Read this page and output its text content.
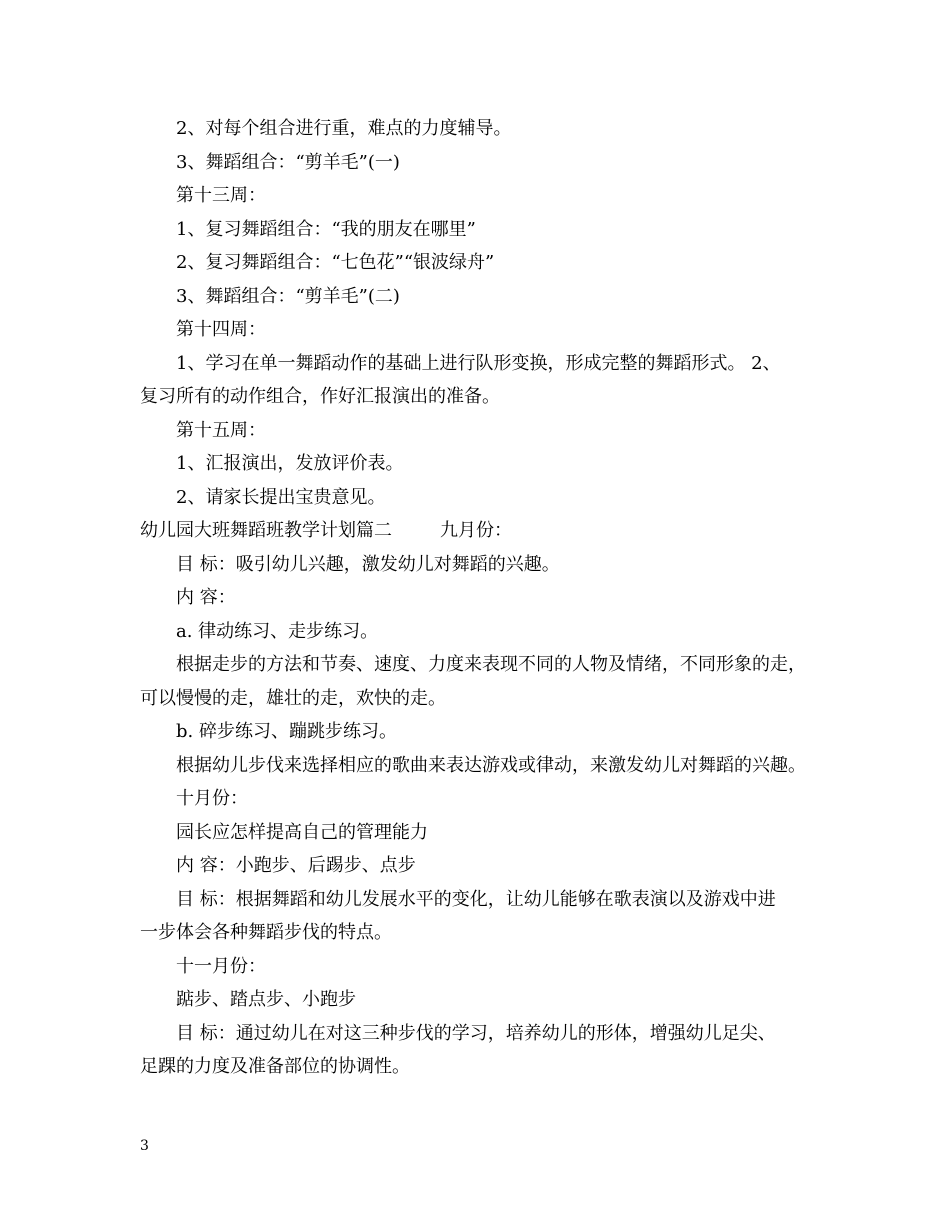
2、对每个组合进行重，难点的力度辅导。
3、舞蹈组合：“剪羊毛”(一)
第十三周：
1、复习舞蹈组合：“我的朋友在哪里”
2、复习舞蹈组合：“七色花”“银波绿舟”
3、舞蹈组合：“剪羊毛”(二)
第十四周：
1、学习在单一舞蹈动作的基础上进行队形变换，形成完整的舞蹈形式。 2、
复习所有的动作组合，作好汇报演出的准备。
第十五周：
1、汇报演出，发放评价表。
2、请家长提出宝贵意见。
幼儿园大班舞蹈班教学计划篇二	九月份：
目 标：吸引幼儿兴趣，激发幼儿对舞蹈的兴趣。
内 容：
a. 律动练习、走步练习。
根据走步的方法和节奏、速度、力度来表现不同的人物及情绪，不同形象的走，
可以慢慢的走，雄壮的走，欢快的走。
b. 碎步练习、蹦跳步练习。
根据幼儿步伐来选择相应的歌曲来表达游戏或律动，来激发幼儿对舞蹈的兴趣。
十月份：
园长应怎样提高自己的管理能力
内 容：小跑步、后踢步、点步
目 标：根据舞蹈和幼儿发展水平的变化，让幼儿能够在歌表演以及游戏中进
一步体会各种舞蹈步伐的特点。
十一月份：
踮步、踏点步、小跑步
目 标：通过幼儿在对这三种步伐的学习，培养幼儿的形体，增强幼儿足尖、
足踝的力度及准备部位的协调性。
3
